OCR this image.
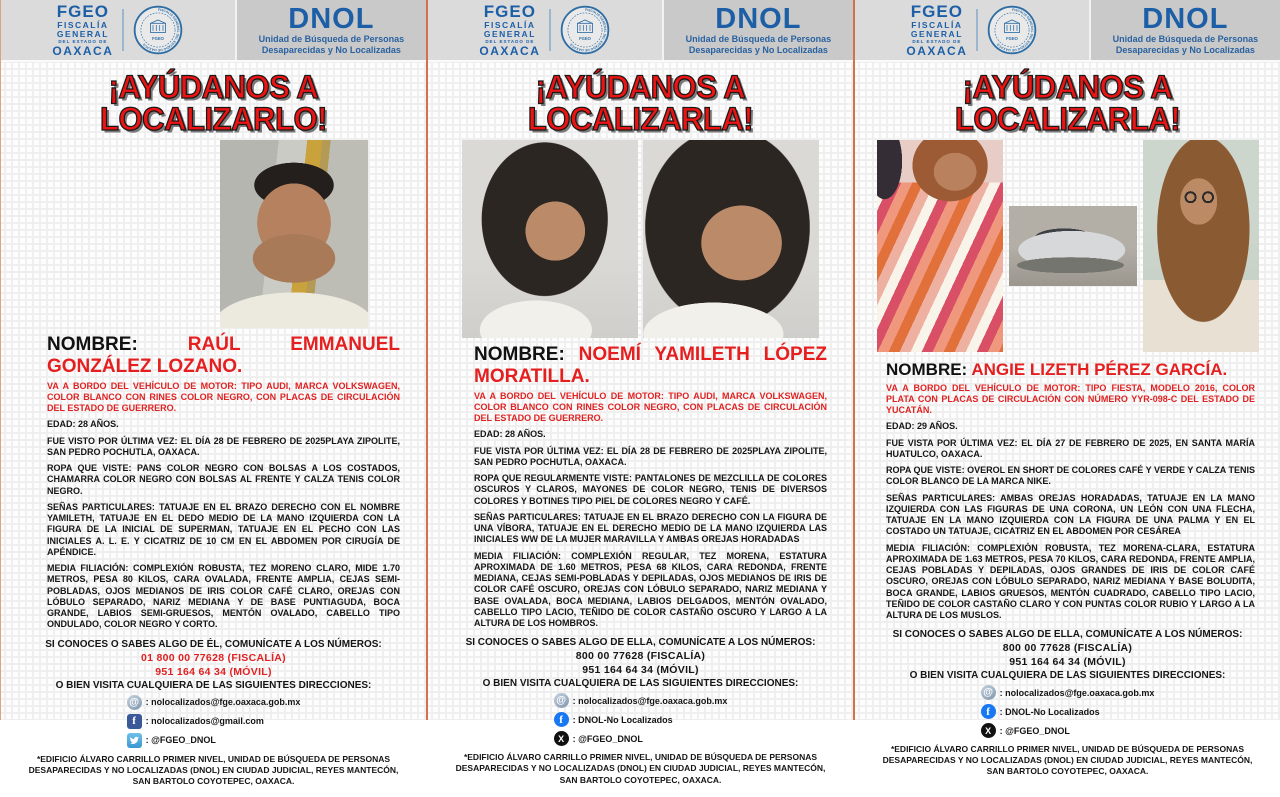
FGEO
FISCALÍA
GENERAL
DEL ESTADO DE
OAXACA
FISCALÍA GENERAL DEL ESTADO DE OAXACA
FGEO
DNOL
Unidad de Búsqueda de Personas
Desaparecidas y No Localizadas
¡AYÚDANOS A LOCALIZARLO!

NOMBRE:	RAÚL EMMANUEL GONZÁLEZ LOZANO.

VA A BORDO DEL VEHÍCULO DE MOTOR: TIPO AUDI, MARCA VOLKSWAGEN, COLOR BLANCO CON RINES COLOR NEGRO, CON PLACAS DE CIRCULACIÓN DEL ESTADO DE GUERRERO.

EDAD: 28 AÑOS.

FUE VISTO POR ÚLTIMA VEZ: EL DÍA 28 DE FEBRERO DE 2025PLAYA ZIPOLITE, SAN PEDRO POCHUTLA, OAXACA.

ROPA QUE VISTE: PANS COLOR NEGRO CON BOLSAS A LOS COSTADOS, CHAMARRA COLOR NEGRO CON BOLSAS AL FRENTE Y CALZA TENIS COLOR NEGRO.

SEÑAS PARTICULARES: TATUAJE EN EL BRAZO DERECHO CON EL NOMBRE YAMILETH, TATUAJE EN EL DEDO MEDIO DE LA MANO IZQUIERDA CON LA FIGURA DE LA INICIAL DE SUPERMAN, TATUAJE EN EL PECHO CON LAS INICIALES A. L. E. Y CICATRIZ DE 10 CM EN EL ABDOMEN POR CIRUGÍA DE APÉNDICE.

MEDIA FILIACIÓN: COMPLEXIÓN ROBUSTA, TEZ MORENO CLARO, MIDE 1.70 METROS, PESA 80 KILOS, CARA OVALADA, FRENTE AMPLIA, CEJAS SEMI-POBLADAS, OJOS MEDIANOS DE IRIS COLOR CAFÉ CLARO, OREJAS CON LÓBULO SEPARADO, NARIZ MEDIANA Y DE BASE PUNTIAGUDA, BOCA GRANDE, LABIOS SEMI-GRUESOS, MENTÓN OVALADO, CABELLO TIPO ONDULADO, COLOR NEGRO Y CORTO.

SI CONOCES O SABES ALGO DE ÉL, COMUNÍCATE A LOS NÚMEROS:

01 800 00 77628 (FISCALÍA)

951 164 64 34 (MÓVIL)

O BIEN VISITA CUALQUIERA DE LAS SIGUIENTES DIRECCIONES:

@ : nolocalizados@fge.oaxaca.gob.mx
f	: nolocalizados@gmail.com
: @FGEO_DNOL

*EDIFICIO ÁLVARO CARRILLO PRIMER NIVEL, UNIDAD DE BÚSQUEDA DE PERSONAS DESAPARECIDAS Y NO LOCALIZADAS (DNOL) EN CIUDAD JUDICIAL, REYES MANTECÓN, SAN BARTOLO COYOTEPEC, OAXACA.

FGEO
FISCALÍA
GENERAL
DEL ESTADO DE
OAXACA
FISCALÍA GENERAL DEL ESTADO DE OAXACA
FGEO
DNOL
Unidad de Búsqueda de Personas
Desaparecidas y No Localizadas
¡AYÚDANOS A LOCALIZARLA!

NOMBRE: NOEMÍ YAMILETH LÓPEZ MORATILLA.

VA A BORDO DEL VEHÍCULO DE MOTOR: TIPO AUDI, MARCA VOLKSWAGEN, COLOR BLANCO CON RINES COLOR NEGRO, CON PLACAS DE CIRCULACIÓN DEL ESTADO DE GUERRERO.

EDAD: 28 AÑOS.

FUE VISTA POR ÚLTIMA VEZ: EL DÍA 28 DE FEBRERO DE 2025PLAYA ZIPOLITE, SAN PEDRO POCHUTLA, OAXACA.

ROPA QUE REGULARMENTE VISTE: PANTALONES DE MEZCLILLA DE COLORES OSCUROS Y CLAROS, MAYONES DE COLOR NEGRO, TENIS DE DIVERSOS COLORES Y BOTINES TIPO PIEL DE COLORES NEGRO Y CAFÉ.

SEÑAS PARTICULARES: TATUAJE EN EL BRAZO DERECHO CON LA FIGURA DE UNA VÍBORA, TATUAJE EN EL DERECHO MEDIO DE LA MANO IZQUIERDA LAS INICIALES WW DE LA MUJER MARAVILLA Y AMBAS OREJAS HORADADAS

MEDIA FILIACIÓN: COMPLEXIÓN REGULAR, TEZ MORENA, ESTATURA APROXIMADA DE 1.60 METROS, PESA 68 KILOS, CARA REDONDA, FRENTE MEDIANA, CEJAS SEMI-POBLADAS Y DEPILADAS, OJOS MEDIANOS DE IRIS DE COLOR CAFÉ OSCURO, OREJAS CON LÓBULO SEPARADO, NARIZ MEDIANA Y BASE OVALADA, BOCA MEDIANA, LABIOS DELGADOS, MENTÓN OVALADO, CABELLO TIPO LACIO, TEÑIDO DE COLOR CASTAÑO OSCURO Y LARGO A LA ALTURA DE LOS HOMBROS.

SI CONOCES O SABES ALGO DE ELLA, COMUNÍCATE A LOS NÚMEROS:

800 00 77628 (FISCALÍA)

951 164 64 34 (MÓVIL)

O BIEN VISITA CUALQUIERA DE LAS SIGUIENTES DIRECCIONES:

@ : nolocalizados@fge.oaxaca.gob.mx
f	: DNOL-No Localizados
X : @FGEO_DNOL

*EDIFICIO ÁLVARO CARRILLO PRIMER NIVEL, UNIDAD DE BÚSQUEDA DE PERSONAS DESAPARECIDAS Y NO LOCALIZADAS (DNOL) EN CIUDAD JUDICIAL, REYES MANTECÓN, SAN BARTOLO COYOTEPEC, OAXACA.

FGEO
FISCALÍA
GENERAL
DEL ESTADO DE
OAXACA
FISCALÍA GENERAL DEL ESTADO DE OAXACA
FGEO
DNOL
Unidad de Búsqueda de Personas
Desaparecidas y No Localizadas
¡AYÚDANOS A LOCALIZARLA!

NOMBRE: ANGIE LIZETH PÉREZ GARCÍA.

VA A BORDO DEL VEHÍCULO DE MOTOR: TIPO FIESTA, MODELO 2016, COLOR PLATA CON PLACAS DE CIRCULACIÓN CON NÚMERO YYR-098-C DEL ESTADO DE YUCATÁN.

EDAD: 29 AÑOS.

FUE VISTA POR ÚLTIMA VEZ: EL DÍA 27 DE FEBRERO DE 2025, EN SANTA MARÍA HUATULCO, OAXACA.

ROPA QUE VISTE: OVEROL EN SHORT DE COLORES CAFÉ Y VERDE Y CALZA TENIS COLOR BLANCO DE LA MARCA NIKE.

SEÑAS PARTICULARES: AMBAS OREJAS HORADADAS, TATUAJE EN LA MANO IZQUIERDA CON LAS FIGURAS DE UNA CORONA, UN LEÓN CON UNA FLECHA, TATUAJE EN LA MANO IZQUIERDA CON LA FIGURA DE UNA PALMA Y EN EL COSTADO UN TATUAJE, CICATRIZ EN EL ABDOMEN POR CESÁREA

MEDIA FILIACIÓN: COMPLEXIÓN ROBUSTA, TEZ MORENA-CLARA, ESTATURA APROXIMADA DE 1.63 METROS, PESA 70 KILOS, CARA REDONDA, FRENTE AMPLIA, CEJAS POBLADAS Y DEPILADAS, OJOS GRANDES DE IRIS DE COLOR CAFÉ OSCURO, OREJAS CON LÓBULO SEPARADO, NARIZ MEDIANA Y BASE BOLUDITA, BOCA GRANDE, LABIOS GRUESOS, MENTÓN CUADRADO, CABELLO TIPO LACIO, TEÑIDO DE COLOR CASTAÑO CLARO Y CON PUNTAS COLOR RUBIO Y LARGO A LA ALTURA DE LOS MUSLOS.

SI CONOCES O SABES ALGO DE ELLA, COMUNÍCATE A LOS NÚMEROS:

800 00 77628 (FISCALÍA)

951 164 64 34 (MÓVIL)

O BIEN VISITA CUALQUIERA DE LAS SIGUIENTES DIRECCIONES:

@ : nolocalizados@fge.oaxaca.gob.mx
f	: DNOL-No Localizados
X : @FGEO_DNOL

*EDIFICIO ÁLVARO CARRILLO PRIMER NIVEL, UNIDAD DE BÚSQUEDA DE PERSONAS DESAPARECIDAS Y NO LOCALIZADAS (DNOL) EN CIUDAD JUDICIAL, REYES MANTECÓN, SAN BARTOLO COYOTEPEC, OAXACA.
